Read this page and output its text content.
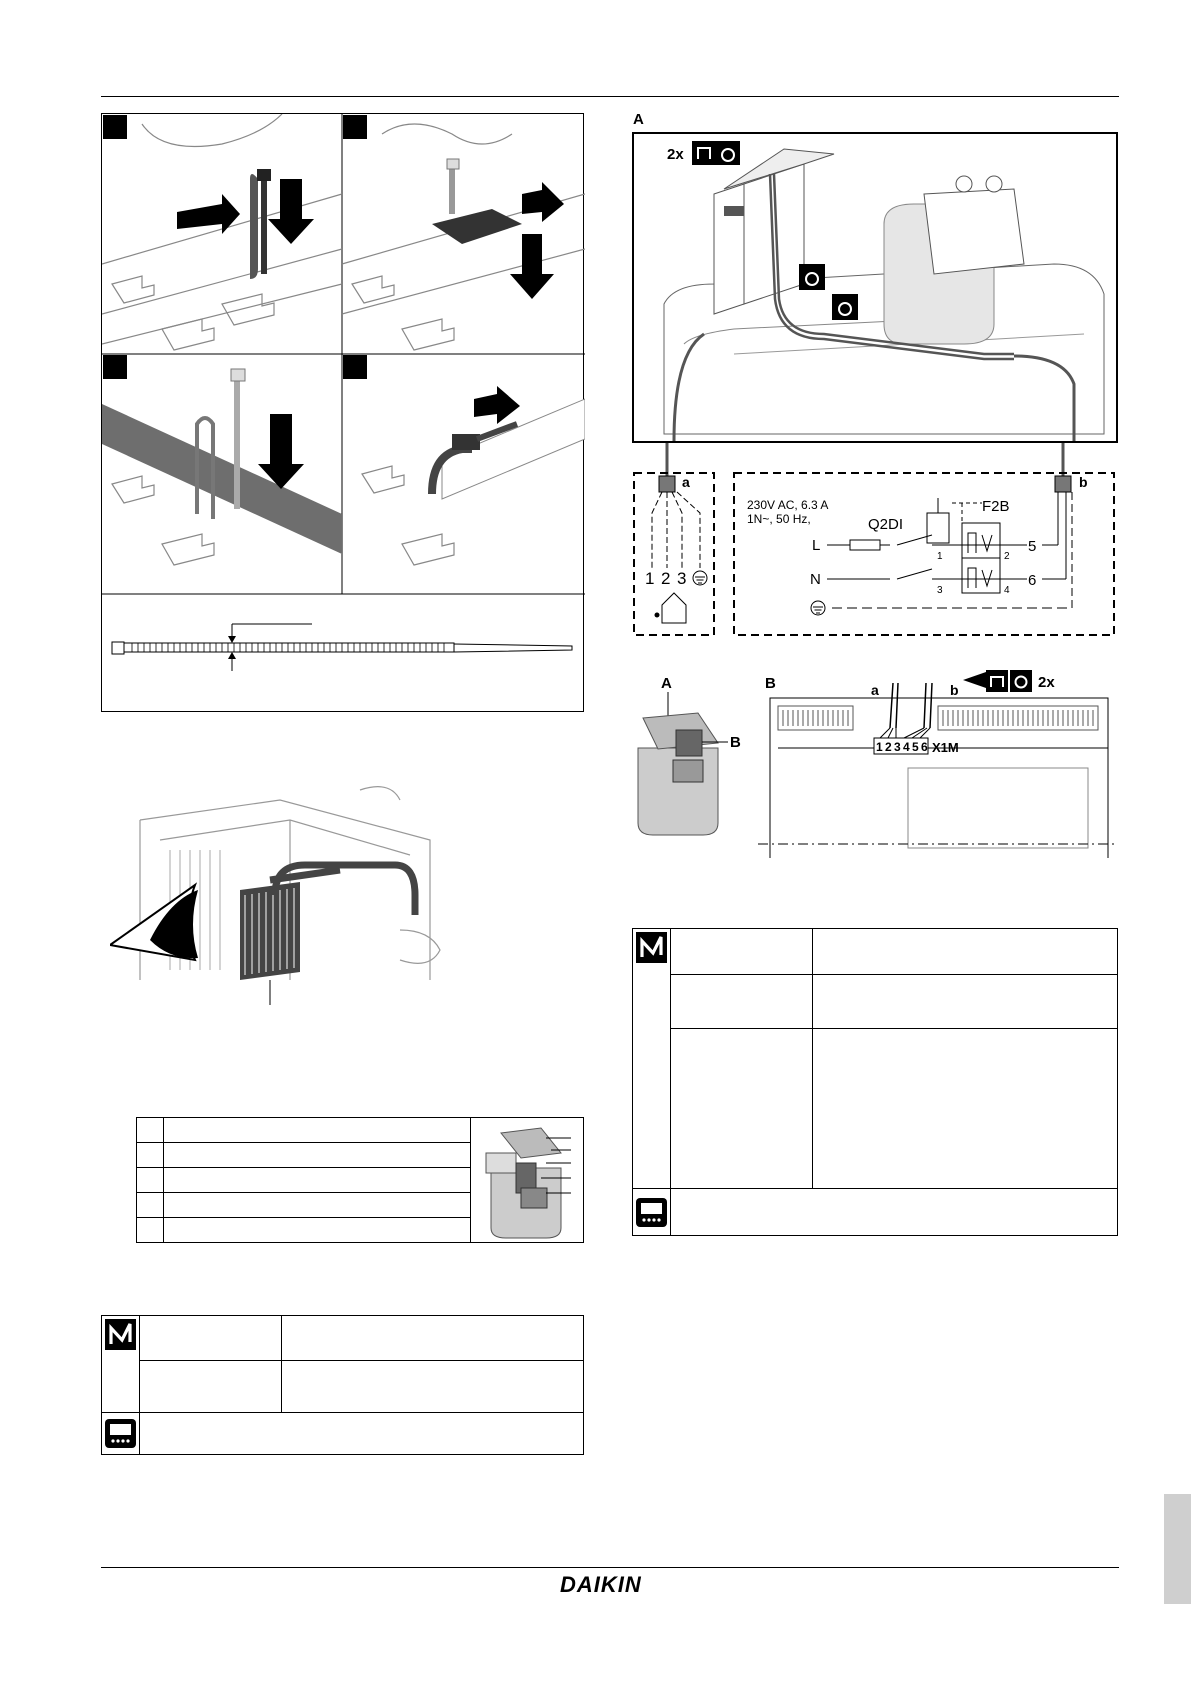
A
2x
a
1 2 3
b
230V AC, 6.3 A
1N~, 50 Hz,	Q2DI
F2B
L
N
1	2
3	4
5
6
A
B
B	a	b
1 2 3 4 5 6 X1M
2x

DAIKIN
